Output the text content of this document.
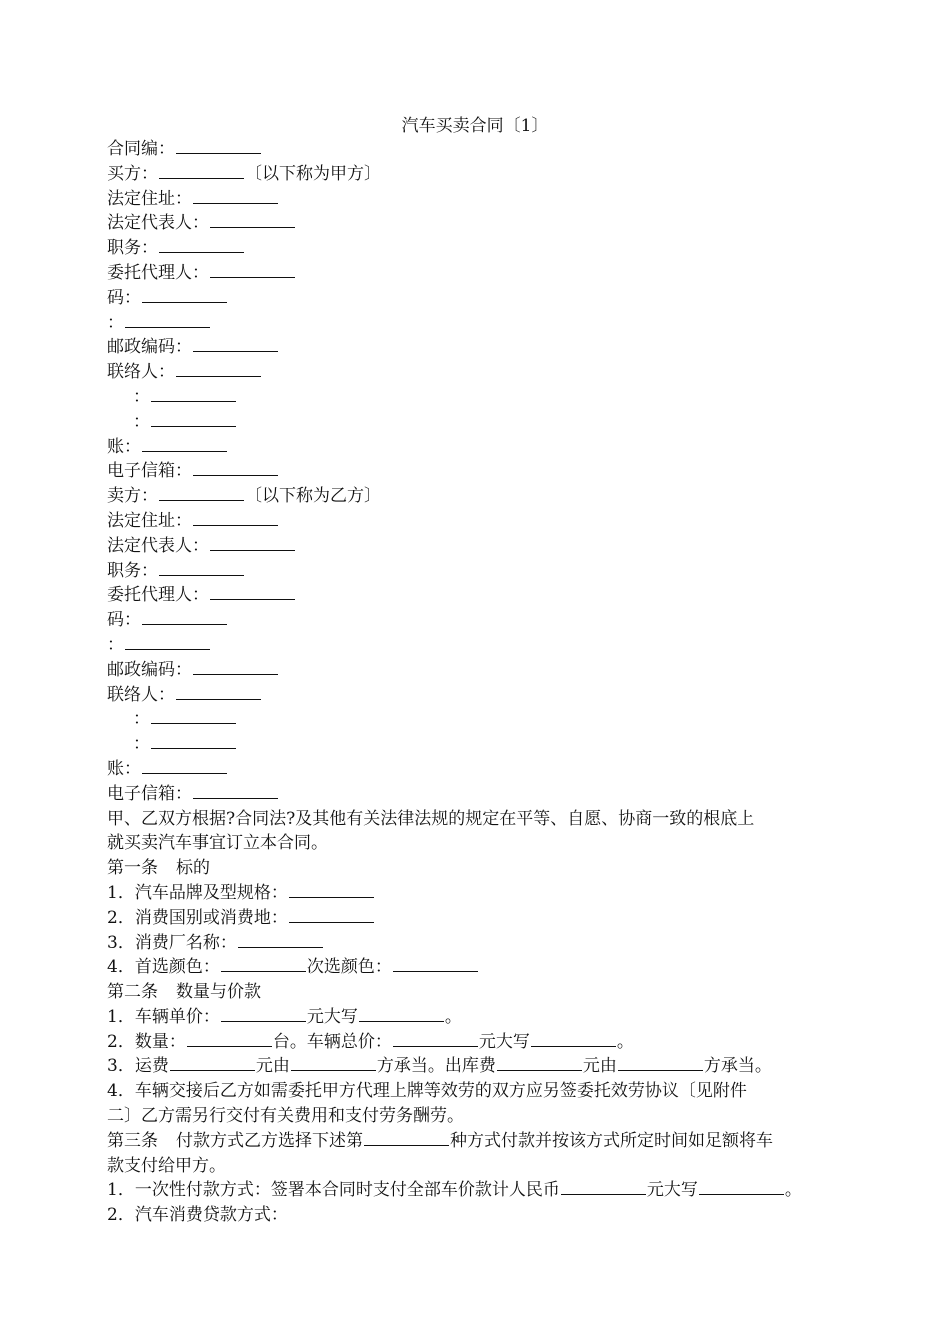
汽车买卖合同〔1〕
合同编：
买方：	〔以下称为甲方〕
法定住址：
法定代表人：
职务：
委托代理人：
码：
：
邮政编码：
联络人：
：
：
账：
电子信箱：
卖方：	〔以下称为乙方〕
法定住址：
法定代表人：
职务：
委托代理人：
码：
：
邮政编码：
联络人：
：
：
账：
电子信箱：
甲、乙双方根据?合同法?及其他有关法律法规的规定在平等、自愿、协商一致的根底上
就买卖汽车事宜订立本合同。
第一条 标的
1．汽车品牌及型规格：
2．消费国别或消费地：
3．消费厂名称：
4．首选颜色：	次选颜色：
第二条 数量与价款
1．车辆单价：	元大写	。
2．数量：	台。车辆总价：	元大写	。
3．运费	元由	方承当。出库费	元由	方承当。
4．车辆交接后乙方如需委托甲方代理上牌等效劳的双方应另签委托效劳协议〔见附件
二〕乙方需另行交付有关费用和支付劳务酬劳。
第三条 付款方式乙方选择下述第	种方式付款并按该方式所定时间如足额将车
款支付给甲方。
1．一次性付款方式：签署本合同时支付全部车价款计人民币	元大写	。
2．汽车消费贷款方式：
